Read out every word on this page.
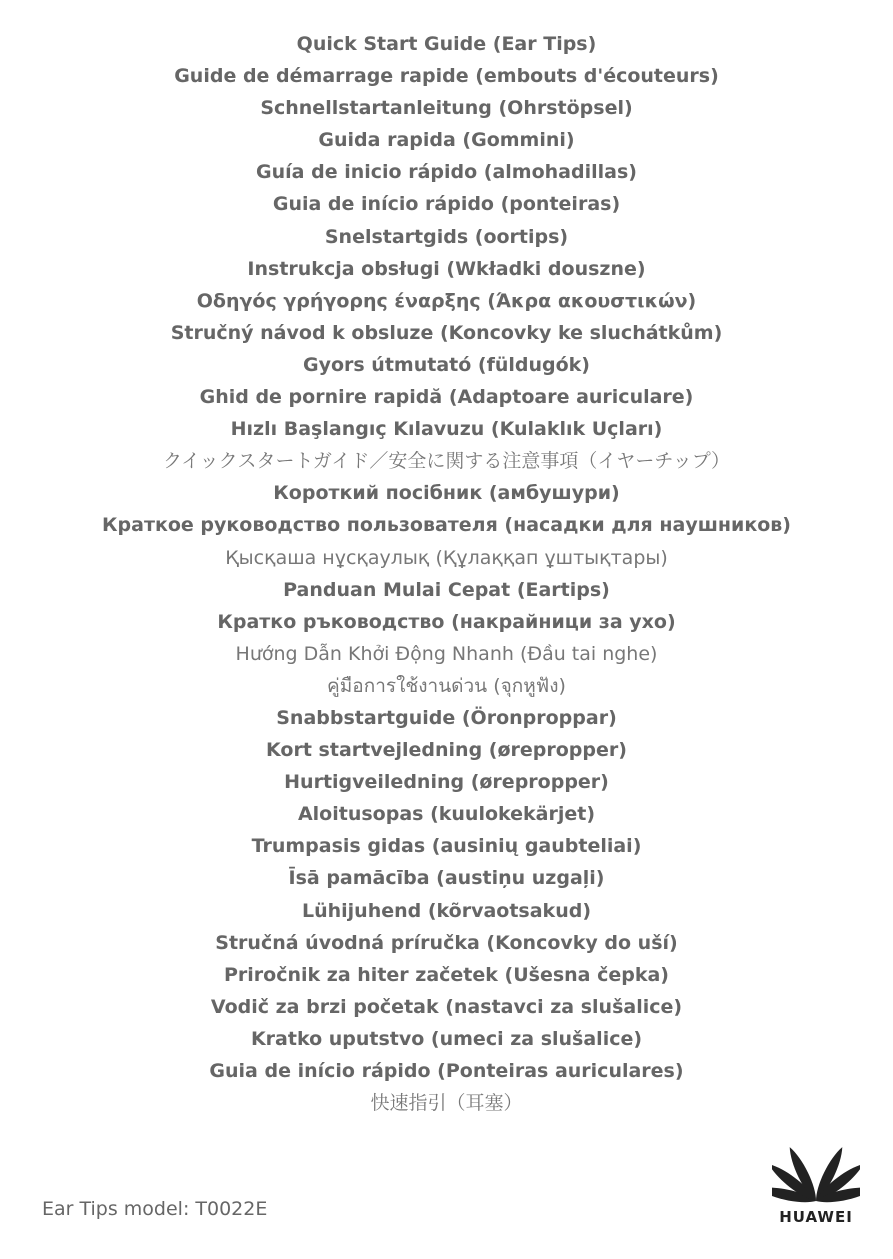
Quick Start Guide (Ear Tips)
Guide de démarrage rapide (embouts d'écouteurs)
Schnellstartanleitung (Ohrstöpsel)
Guida rapida (Gommini)
Guía de inicio rápido (almohadillas)
Guia de início rápido (ponteiras)
Snelstartgids (oortips)
Instrukcja obsługi (Wkładki douszne)
Οδηγός γρήγορης έναρξης (Άκρα ακουστικών)
Stručný návod k obsluze (Koncovky ke sluchátkům)
Gyors útmutató (füldugók)
Ghid de pornire rapidă (Adaptoare auriculare)
Hızlı Başlangıç Kılavuzu (Kulaklık Uçları)
クイックスタートガイド／安全に関する注意事項（イヤーチップ）
Короткий посібник (амбушури)
Краткое руководство пользователя (насадки для наушников)
Қысқаша нұсқаулық (Құлаққап ұштықтары)
Panduan Mulai Cepat (Eartips)
Кратко ръководство (накрайници за ухо)
Hướng Dẫn Khởi Động Nhanh (Đầu tai nghe)
คู่มือการใช้งานด่วน (จุกหูฟัง)
Snabbstartguide (Öronproppar)
Kort startvejledning (ørepropper)
Hurtigveiledning (ørepropper)
Aloitusopas (kuulokekärjet)
Trumpasis gidas (ausinių gaubteliai)
Īsā pamācība (austiņu uzgaļi)
Lühijuhend (kõrvaotsakud)
Stručná úvodná príručka (Koncovky do uší)
Priročnik za hiter začetek (Ušesna čepka)
Vodič za brzi početak (nastavci za slušalice)
Kratko uputstvo (umeci za slušalice)
Guia de início rápido (Ponteiras auriculares)
快速指引（耳塞）
Ear Tips model: T0022E	HUAWEI
